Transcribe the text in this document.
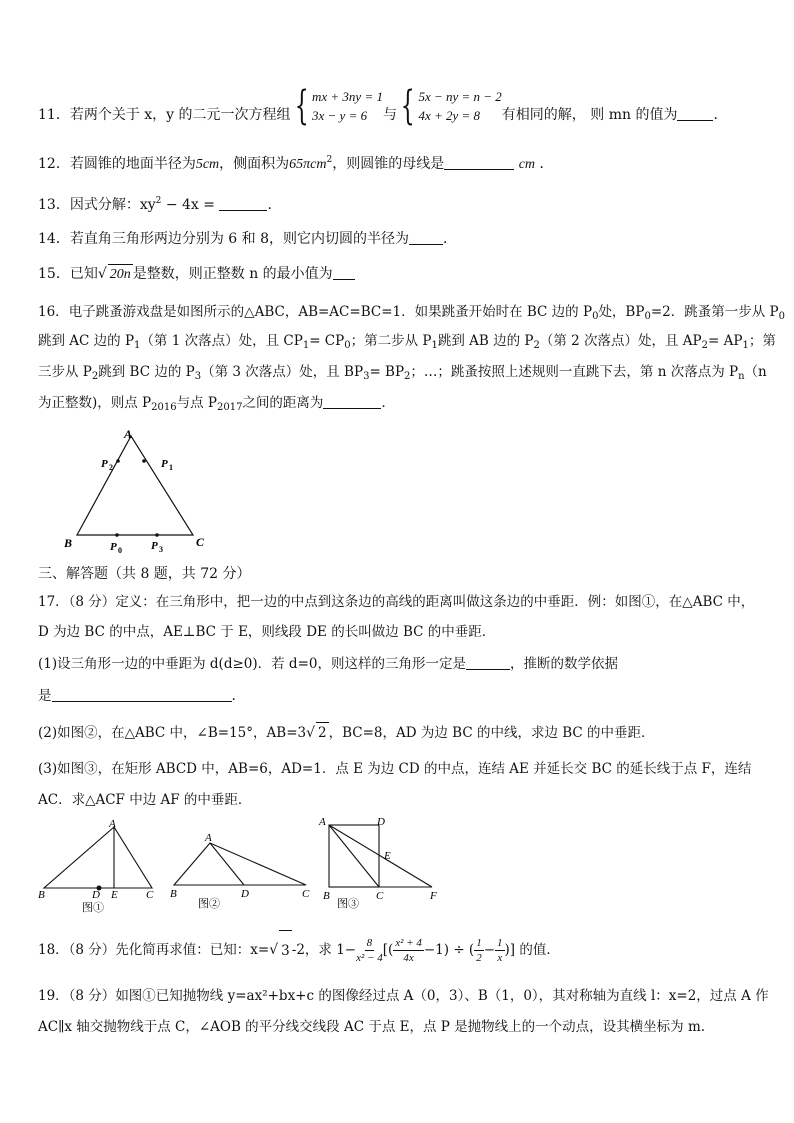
11．若两个关于 x，y 的二元一次方程组 { mx + 3ny = 1
3x − y = 6	与 { 5x − ny = n − 2
4x + 2y = 8	有相同的解， 则 mn 的值为	．
12．若圆锥的地面半径为5cm，侧面积为65πcm$^2$，则圆锥的母线是	cm ．
13．因式分解：$xy^2 - 4x$ =	.
14．若直角三角形两边分别为 6 和 8，则它内切圆的半径为 ．
15．已知√ 20n 是整数，则正整数 n 的最小值为
16．电子跳蚤游戏盘是如图所示的△ABC，AB=AC=BC=1．如果跳蚤开始时在 BC 边的 $P_0$处，$BP_0=2$．跳蚤第一步从 $P_0$
跳到 AC 边的 $P_1$（第 1 次落点）处，且 $CP_1= CP_0$；第二步从 $P_1$跳到 AB 边的 $P_2$（第 2 次落点）处，且 $AP_2= AP_1$；第
三步从 $P_2$跳到 BC 边的 $P_3$（第 3 次落点）处，且 $BP_3= BP_2$；…；跳蚤按照上述规则一直跳下去，第 n 次落点为 $P_n(n$
为正整数)，则点 $P_{2016}$与点 $P_{2017}$之间的距离为	．
A
B	C
P 2	P 1
P 0	P 3
三、解答题（共 8 题，共 72 分）
17．（8 分）定义：在三角形中，把一边的中点到这条边的高线的距离叫做这条边的中垂距．例：如图①，在△ABC 中，
D 为边 BC 的中点，AE⊥BC 于 E，则线段 DE 的长叫做边 BC 的中垂距．
(1)设三角形一边的中垂距为 d(d≥0)．若 d=0，则这样的三角形一定是	，推断的数学依据
是	.
(2)如图②，在△ABC 中，∠B=15°，AB=3√ 2 ，BC=8，AD 为边 BC 的中线，求边 BC 的中垂距．
(3)如图③，在矩形 ABCD 中，AB=6，AD=1．点 E 为边 CD 的中点，连结 AE 并延长交 BC 的延长线于点 F，连结
AC．求△ACF 中边 AF 的中垂距．
A
B	D E	C
图①
A
B	D	C
图②
A	D
E
B	C	F
图③
18．（8 分） 先化简再求值：已知：x= √ 3 -2，求 $1- \frac{8}{\text{x² − 4}}$ [( $\frac{\text{x² + 4}}{4x} -1$) ÷ ( $\frac{1}{2} - \frac{1}{x}$ )] 的值．
19．（8 分）如图①已知抛物线 y=ax²+bx+c 的图像经过点 A（0，3）、B（1，0），其对称轴为直线 l：x=2，过点 A 作
AC∥x 轴交抛物线于点 C，∠AOB 的平分线交线段 AC 于点 E，点 P 是抛物线上的一个动点，设其横坐标为 m.
